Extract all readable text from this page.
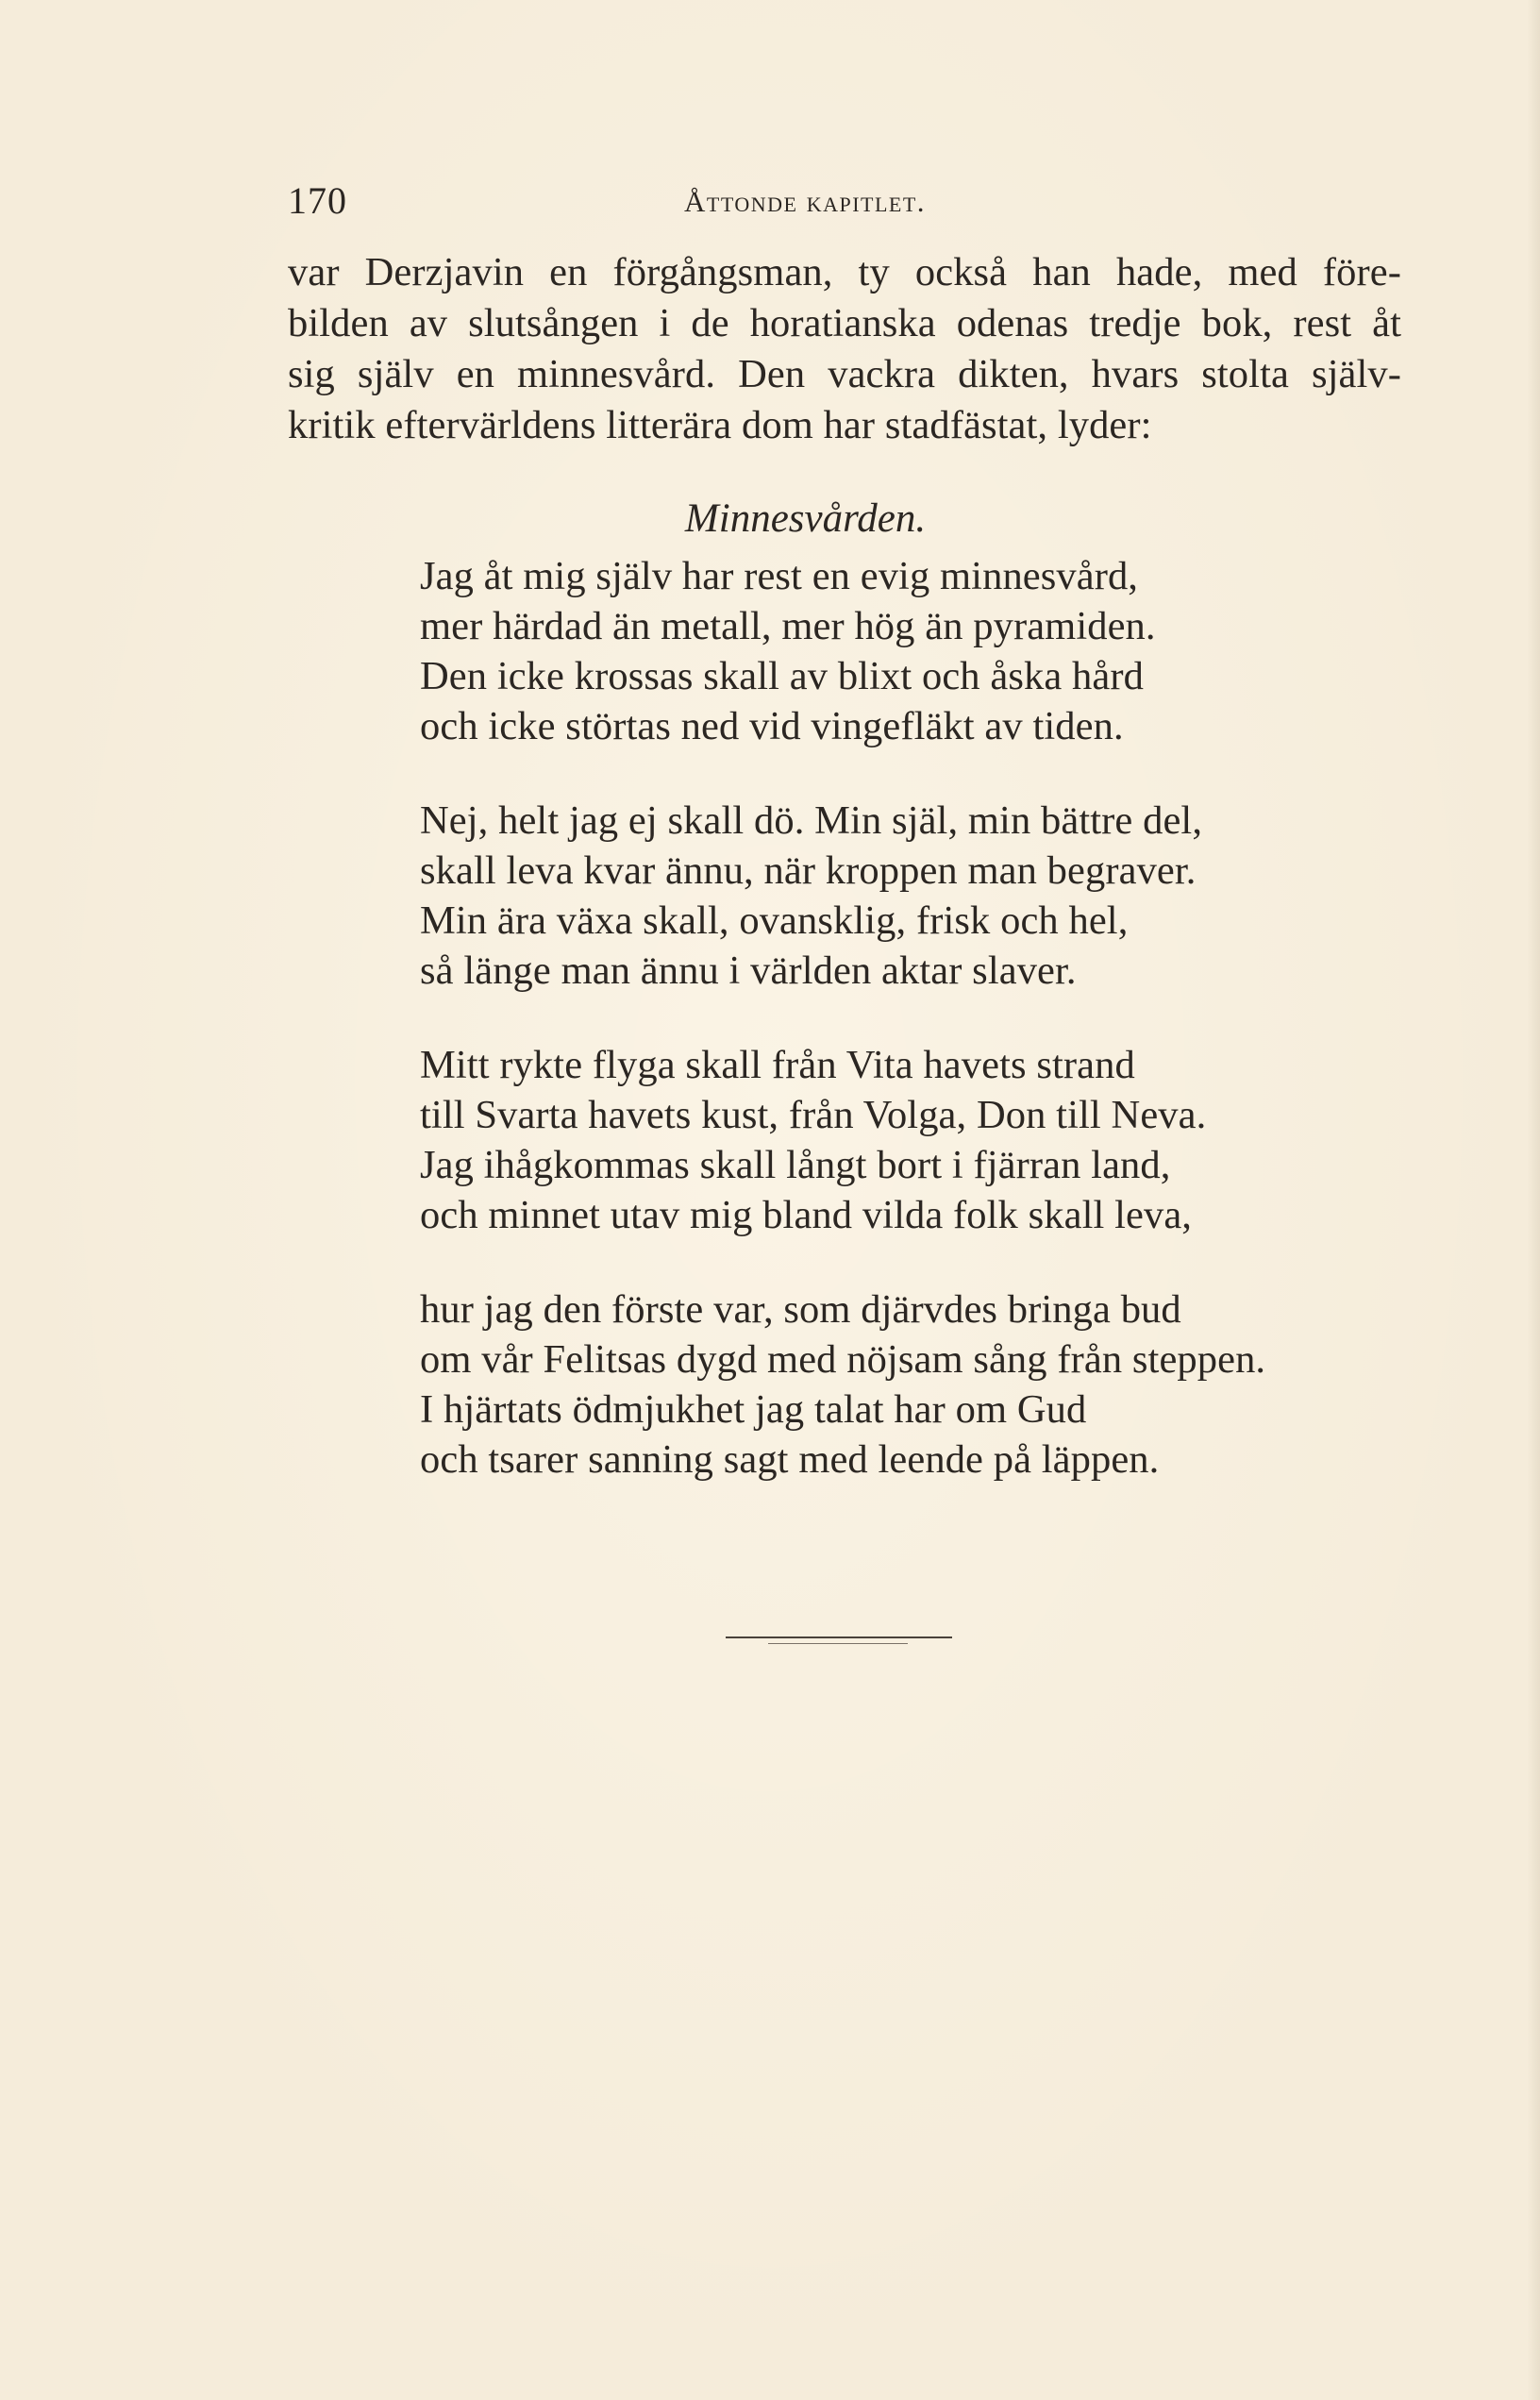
170	Åttonde kapitlet.
var Derzjavin en förgångsman, ty också han hade, med före-
bilden av slutsången i de horatianska odenas tredje bok, rest åt
sig själv en minnesvård. Den vackra dikten, hvars stolta själv-
kritik eftervärldens litterära dom har stadfästat, lyder:
Minnesvården.
Jag åt mig själv har rest en evig minnesvård,
mer härdad än metall, mer hög än pyramiden.
Den icke krossas skall av blixt och åska hård
och icke störtas ned vid vingefläkt av tiden.
Nej, helt jag ej skall dö. Min själ, min bättre del,
skall leva kvar ännu, när kroppen man begraver.
Min ära växa skall, ovansklig, frisk och hel,
så länge man ännu i världen aktar slaver.
Mitt rykte flyga skall från Vita havets strand
till Svarta havets kust, från Volga, Don till Neva.
Jag ihågkommas skall långt bort i fjärran land,
och minnet utav mig bland vilda folk skall leva,
hur jag den förste var, som djärvdes bringa bud
om vår Felitsas dygd med nöjsam sång från steppen.
I hjärtats ödmjukhet jag talat har om Gud
och tsarer sanning sagt med leende på läppen.
